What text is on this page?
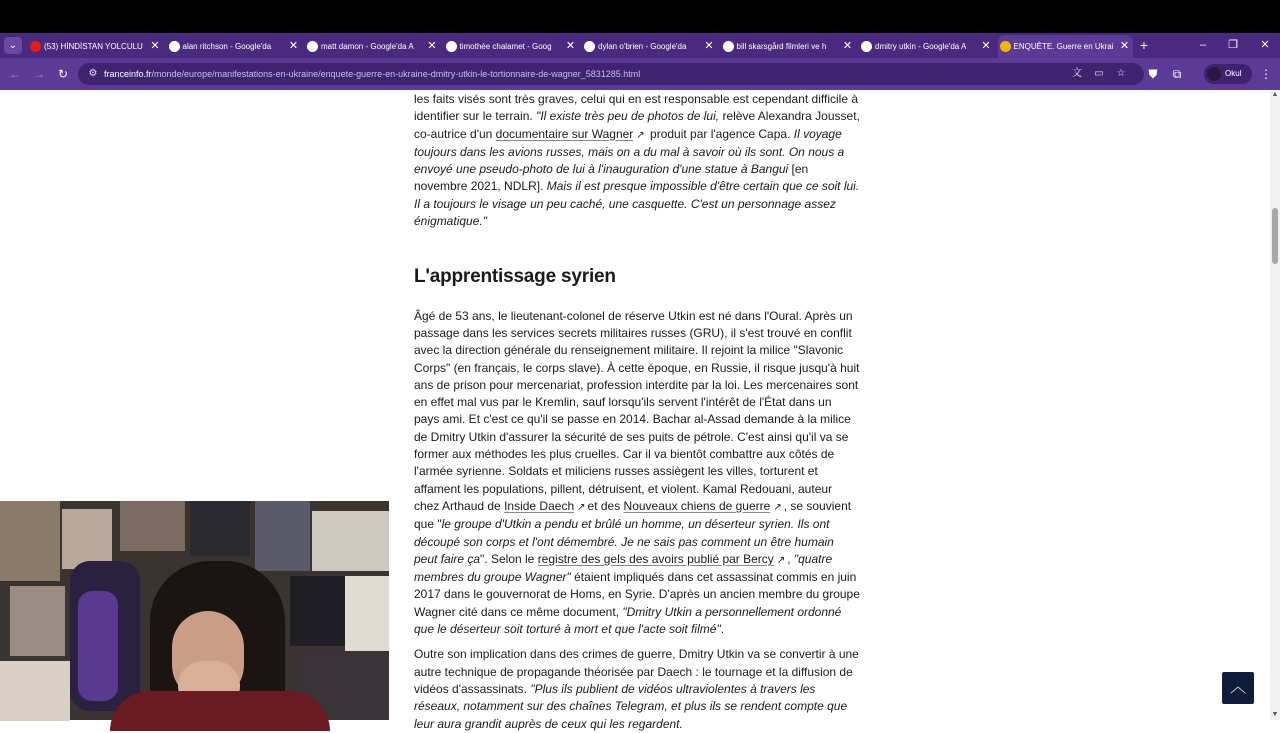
⌄	(53) HİNDİSTAN YOLCULU ✕	alan ritchson - Google'da ✕	matt damon - Google'da A ✕	timothée chalamet - Goog ✕	dylan o'brien - Google'da ✕	bill skarsgård filmleri ve h ✕	dmitry utkin - Google'da A ✕	ENQUÊTE. Guerre en Ukrai ✕ +	–	❐ ✕
← →	↻	⚙ franceinfo.fr/monde/europe/manifestations-en-ukraine/enquete-guerre-en-ukraine-dmitry-utkin-le-tortionnaire-de-wagner_5831285.html	文 ▭ ☆	⛊	⧉	Okul ⋮

les faits visés sont très graves, celui qui en est responsable est cependant difficile à identifier sur le terrain. "Il existe très peu de photos de lui, relève Alexandra Jousset, co-autrice d'un documentaire sur Wagner ↗ produit par l'agence Capa. Il voyage toujours dans les avions russes, mais on a du mal à savoir où ils sont. On nous a envoyé une pseudo-photo de lui à l'inauguration d'une statue à Bangui [en novembre 2021, NDLR]. Mais il est presque impossible d'être certain que ce soit lui. Il a toujours le visage un peu caché, une casquette. C'est un personnage assez énigmatique."

L'apprentissage syrien

Âgé de 53 ans, le lieutenant-colonel de réserve Utkin est né dans l'Oural. Après un passage dans les services secrets militaires russes (GRU), il s'est trouvé en conflit avec la direction générale du renseignement militaire. Il rejoint la milice "Slavonic Corps" (en français, le corps slave). À cette époque, en Russie, il risque jusqu'à huit ans de prison pour mercenariat, profession interdite par la loi. Les mercenaires sont en effet mal vus par le Kremlin, sauf lorsqu'ils servent l'intérêt de l'État dans un pays ami. Et c'est ce qu'il se passe en 2014. Bachar al-Assad demande à la milice de Dmitry Utkin d'assurer la sécurité de ses puits de pétrole. C'est ainsi qu'il va se former aux méthodes les plus cruelles. Car il va bientôt combattre aux côtés de l'armée syrienne. Soldats et miliciens russes assiègent les villes, torturent et affament les populations, pillent, détruisent, et violent. Kamal Redouani, auteur chez Arthaud de Inside Daech ↗ et des Nouveaux chiens de guerre ↗ , se souvient que "le groupe d'Utkin a pendu et brûlé un homme, un déserteur syrien. Ils ont découpé son corps et l'ont démembré. Je ne sais pas comment un être humain peut faire ça". Selon le registre des gels des avoirs publié par Bercy ↗ , "quatre membres du groupe Wagner" étaient impliqués dans cet assassinat commis en juin 2017 dans le gouvernorat de Homs, en Syrie. D'après un ancien membre du groupe Wagner cité dans ce même document, "Dmitry Utkin a personnellement ordonné que le déserteur soit torturé à mort et que l'acte soit filmé".

Outre son implication dans des crimes de guerre, Dmitry Utkin va se convertir à une autre technique de propagande théorisée par Daech : le tournage et la diffusion de vidéos d'assassinats. "Plus ils publient de vidéos ultraviolentes à travers les réseaux, notamment sur des chaînes Telegram, et plus ils se rendent compte que leur aura grandit auprès de ceux qui les regardent.

▲
▼
︿
